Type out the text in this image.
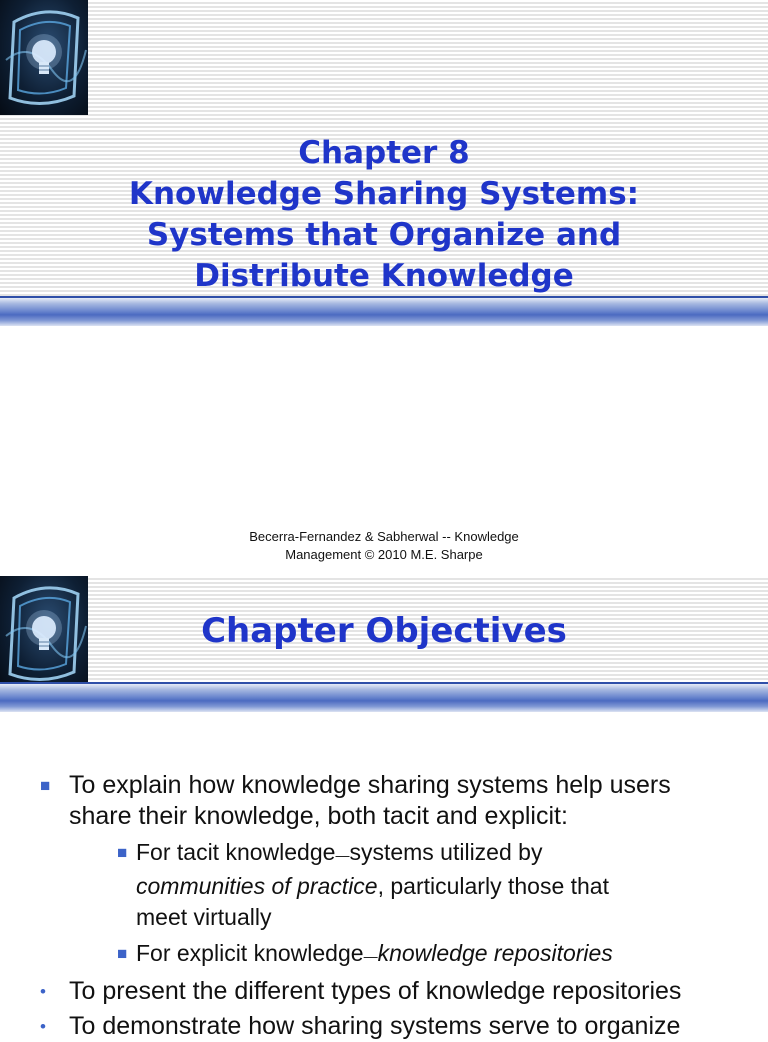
Chapter 8
Knowledge Sharing Systems:
Systems that Organize and
Distribute Knowledge
Becerra-Fernandez & Sabherwal -- Knowledge
Management © 2010 M.E. Sharpe
Chapter Objectives

■ To explain how knowledge sharing systems help users
share their knowledge, both tacit and explicit:

■ For tacit knowledge—systems utilized by
communities of practice, particularly those that
meet virtually

■ For explicit knowledge—knowledge repositories

• To present the different types of knowledge repositories

• To demonstrate how sharing systems serve to organize
